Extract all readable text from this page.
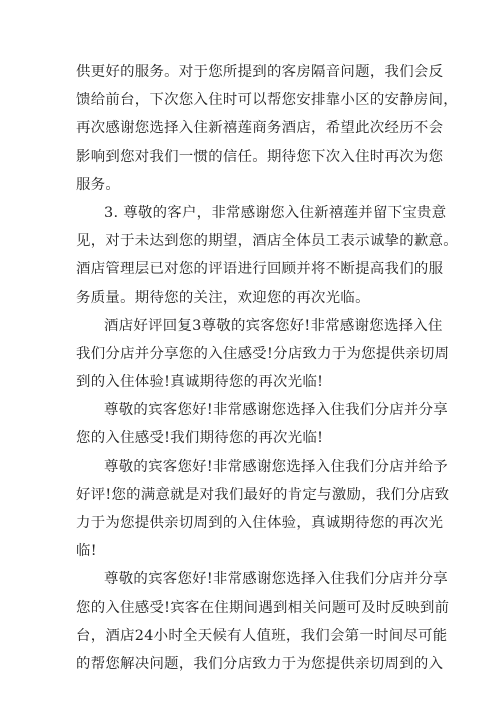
供更好的服务。对于您所提到的客房隔音问题，我们会反
馈给前台，下次您入住时可以帮您安排靠小区的安静房间，
再次感谢您选择入住新禧莲商务酒店，希望此次经历不会
影响到您对我们一惯的信任。期待您下次入住时再次为您
服务。
3. 尊敬的客户，非常感谢您入住新禧莲并留下宝贵意
见，对于未达到您的期望，酒店全体员工表示诚挚的歉意。
酒店管理层已对您的评语进行回顾并将不断提高我们的服
务质量。期待您的关注，欢迎您的再次光临。
酒店好评回复3尊敬的宾客您好!非常感谢您选择入住
我们分店并分享您的入住感受!分店致力于为您提供亲切周
到的入住体验!真诚期待您的再次光临!
尊敬的宾客您好!非常感谢您选择入住我们分店并分享
您的入住感受!我们期待您的再次光临!
尊敬的宾客您好!非常感谢您选择入住我们分店并给予
好评!您的满意就是对我们最好的肯定与激励，我们分店致
力于为您提供亲切周到的入住体验，真诚期待您的再次光
临!
尊敬的宾客您好!非常感谢您选择入住我们分店并分享
您的入住感受!宾客在住期间遇到相关问题可及时反映到前
台，酒店24小时全天候有人值班，我们会第一时间尽可能
的帮您解决问题，我们分店致力于为您提供亲切周到的入
